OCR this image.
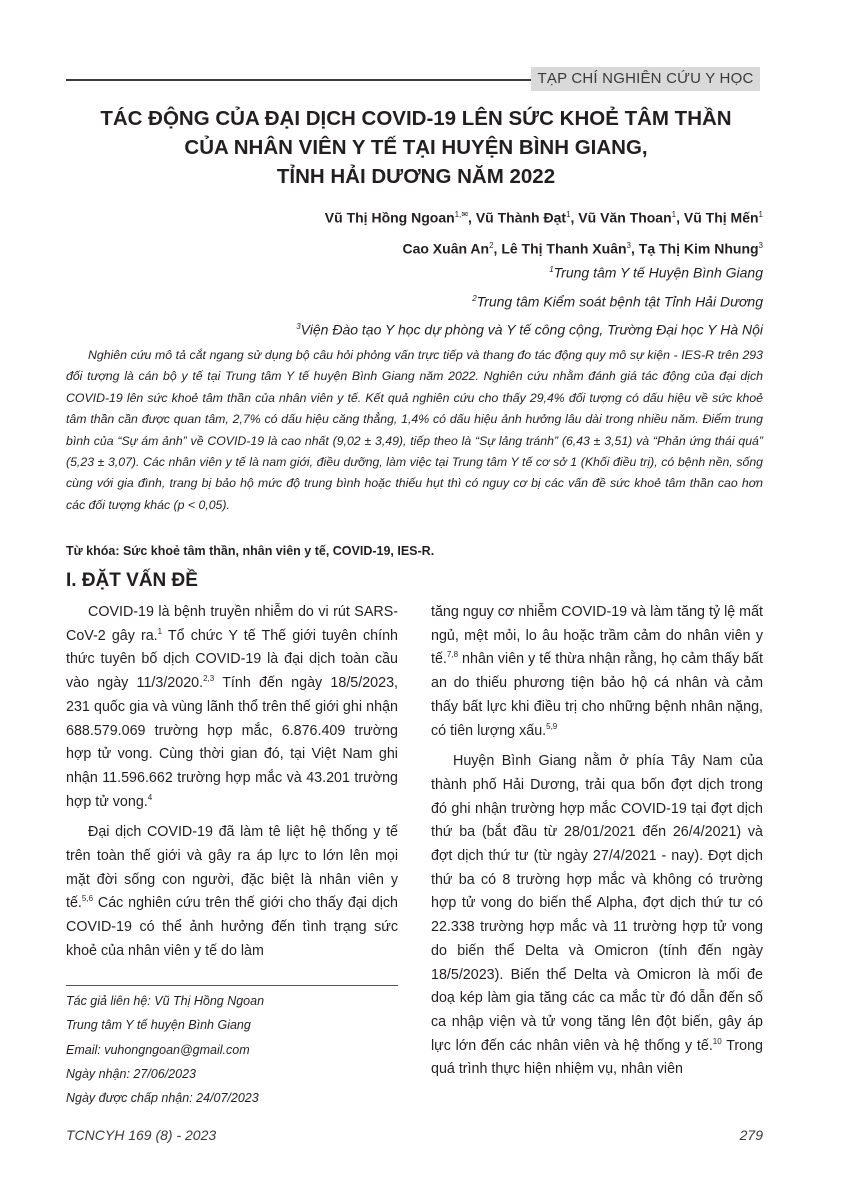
TẠP CHÍ NGHIÊN CỨU Y HỌC
TÁC ĐỘNG CỦA ĐẠI DỊCH COVID-19 LÊN SỨC KHOẺ TÂM THẦN
CỦA NHÂN VIÊN Y TẾ TẠI HUYỆN BÌNH GIANG,
TỈNH HẢI DƯƠNG NĂM 2022
Vũ Thị Hồng Ngoan$^{1,✉}$, Vũ Thành Đạt$^1$, Vũ Văn Thoan$^1$, Vũ Thị Mến$^1$
Cao Xuân An$^2$, Lê Thị Thanh Xuân$^3$, Tạ Thị Kim Nhung$^3$
$^1$Trung tâm Y tế Huyện Bình Giang
$^2$Trung tâm Kiểm soát bệnh tật Tỉnh Hải Dương
$^3$Viện Đào tạo Y học dự phòng và Y tế công cộng, Trường Đại học Y Hà Nội

Nghiên cứu mô tả cắt ngang sử dụng bộ câu hỏi phỏng vấn trực tiếp và thang đo tác động quy mô sự kiện - IES-R trên 293 đối tượng là cán bộ y tế tại Trung tâm Y tế huyện Bình Giang năm 2022. Nghiên cứu nhằm đánh giá tác động của đại dịch COVID-19 lên sức khoẻ tâm thần của nhân viên y tế. Kết quả nghiên cứu cho thấy 29,4% đối tượng có dấu hiệu về sức khoẻ tâm thần cần được quan tâm, 2,7% có dấu hiệu căng thẳng, 1,4% có dấu hiệu ảnh hưởng lâu dài trong nhiều năm. Điểm trung bình của “Sự ám ảnh” về COVID-19 là cao nhất (9,02 ± 3,49), tiếp theo là “Sự lảng tránh” (6,43 ± 3,51) và “Phản ứng thái quá” (5,23 ± 3,07). Các nhân viên y tế là nam giới, điều dưỡng, làm việc tại Trung tâm Y tế cơ sở 1 (Khối điều trị), có bệnh nền, sống cùng với gia đình, trang bị bảo hộ mức độ trung bình hoặc thiếu hụt thì có nguy cơ bị các vấn đề sức khoẻ tâm thần cao hơn các đối tượng khác (p < 0,05).

Từ khóa: Sức khoẻ tâm thần, nhân viên y tế, COVID-19, IES-R.
I. ĐẶT VẤN ĐỀ

COVID-19 là bệnh truyền nhiễm do vi rút SARS-CoV-2 gây ra.$^1$ Tổ chức Y tế Thế giới tuyên chính thức tuyên bố dịch COVID-19 là đại dịch toàn cầu vào ngày 11/3/2020.$^{2,3}$ Tính đến ngày 18/5/2023, 231 quốc gia và vùng lãnh thổ trên thế giới ghi nhận 688.579.069 trường hợp mắc, 6.876.409 trường hợp tử vong. Cùng thời gian đó, tại Việt Nam ghi nhận 11.596.662 trường hợp mắc và 43.201 trường hợp tử vong.$^4$

Đại dịch COVID-19 đã làm tê liệt hệ thống y tế trên toàn thế giới và gây ra áp lực to lớn lên mọi mặt đời sống con người, đặc biệt là nhân viên y tế.$^{5,6}$ Các nghiên cứu trên thế giới cho thấy đại dịch COVID-19 có thể ảnh hưởng đến tình trạng sức khoẻ của nhân viên y tế do làm

tăng nguy cơ nhiễm COVID-19 và làm tăng tỷ lệ mất ngủ, mệt mỏi, lo âu hoặc trầm cảm do nhân viên y tế.$^{7,8}$ nhân viên y tế thừa nhận rằng, họ cảm thấy bất an do thiếu phương tiện bảo hộ cá nhân và cảm thấy bất lực khi điều trị cho những bệnh nhân nặng, có tiên lượng xấu.$^{5,9}$

Huyện Bình Giang nằm ở phía Tây Nam của thành phố Hải Dương, trải qua bốn đợt dịch trong đó ghi nhận trường hợp mắc COVID-19 tại đợt dịch thứ ba (bắt đầu từ 28/01/2021 đến 26/4/2021) và đợt dịch thứ tư (từ ngày 27/4/2021 - nay). Đợt dịch thứ ba có 8 trường hợp mắc và không có trường hợp tử vong do biến thể Alpha, đợt dịch thứ tư có 22.338 trường hợp mắc và 11 trường hợp tử vong do biến thể Delta và Omicron (tính đến ngày 18/5/2023). Biến thể Delta và Omicron là mối đe doạ kép làm gia tăng các ca mắc từ đó dẫn đến số ca nhập viện và tử vong tăng lên đột biến, gây áp lực lớn đến các nhân viên và hệ thống y tế.$^{10}$ Trong quá trình thực hiện nhiệm vụ, nhân viên

Tác giả liên hệ: Vũ Thị Hồng Ngoan
Trung tâm Y tế huyện Bình Giang
Email: vuhongngoan@gmail.com
Ngày nhận: 27/06/2023
Ngày được chấp nhận: 24/07/2023
TCNCYH 169 (8) - 2023	279
